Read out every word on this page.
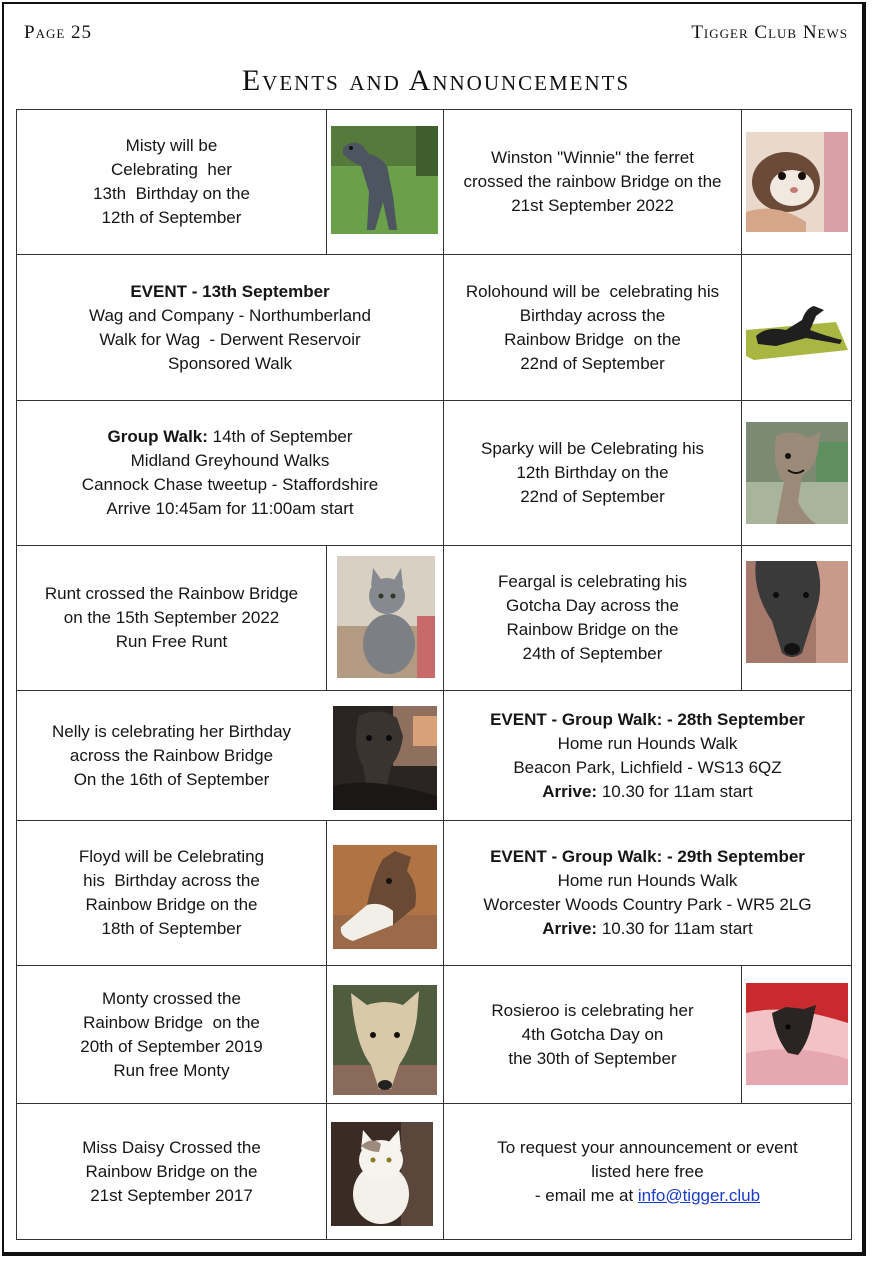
Page 25	Tigger Club News
Events and Announcements
Misty will be
Celebrating  her
13th  Birthday on the
12th of September
Winston "Winnie" the ferret
crossed the rainbow Bridge on the
21st September 2022
EVENT - 13th September
Wag and Company - Northumberland
Walk for Wag  - Derwent Reservoir
Sponsored Walk
Rolohound will be  celebrating his
Birthday across the
Rainbow Bridge  on the
22nd of September
Group Walk: 14th of September
Midland Greyhound Walks
Cannock Chase tweetup - Staffordshire
Arrive 10:45am for 11:00am start
Sparky will be Celebrating his
12th Birthday on the
22nd of September
Runt crossed the Rainbow Bridge
on the 15th September 2022
Run Free Runt
Feargal is celebrating his
Gotcha Day across the
Rainbow Bridge on the
24th of September
Nelly is celebrating her Birthday
across the Rainbow Bridge
On the 16th of September
EVENT - Group Walk: - 28th September
Home run Hounds Walk
Beacon Park, Lichfield - WS13 6QZ
Arrive: 10.30 for 11am start
Floyd will be Celebrating
his  Birthday across the
Rainbow Bridge on the
18th of September
EVENT - Group Walk: - 29th September
Home run Hounds Walk
Worcester Woods Country Park - WR5 2LG
Arrive: 10.30 for 11am start
Monty crossed the
Rainbow Bridge  on the
20th of September 2019
Run free Monty
Rosieroo is celebrating her
4th Gotcha Day on
the 30th of September
Miss Daisy Crossed the
Rainbow Bridge on the
21st September 2017
To request your announcement or event
listed here free
- email me at info@tigger.club
